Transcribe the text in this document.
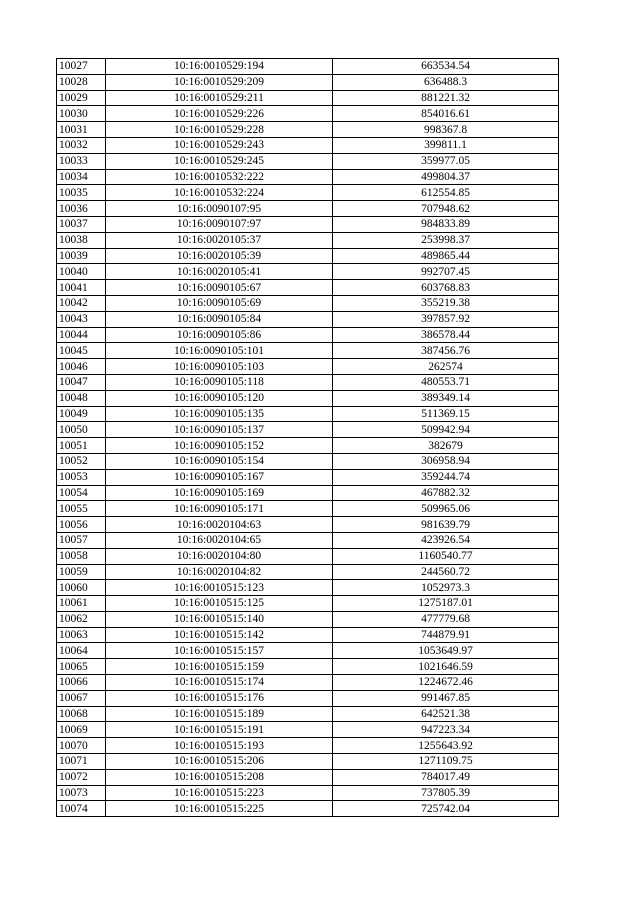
10027	10:16:0010529:194	663534.54
10028	10:16:0010529:209	636488.3
10029	10:16:0010529:211	881221.32
10030	10:16:0010529:226	854016.61
10031	10:16:0010529:228	998367.8
10032	10:16:0010529:243	399811.1
10033	10:16:0010529:245	359977.05
10034	10:16:0010532:222	499804.37
10035	10:16:0010532:224	612554.85
10036	10:16:0090107:95	707948.62
10037	10:16:0090107:97	984833.89
10038	10:16:0020105:37	253998.37
10039	10:16:0020105:39	489865.44
10040	10:16:0020105:41	992707.45
10041	10:16:0090105:67	603768.83
10042	10:16:0090105:69	355219.38
10043	10:16:0090105:84	397857.92
10044	10:16:0090105:86	386578.44
10045	10:16:0090105:101	387456.76
10046	10:16:0090105:103	262574
10047	10:16:0090105:118	480553.71
10048	10:16:0090105:120	389349.14
10049	10:16:0090105:135	511369.15
10050	10:16:0090105:137	509942.94
10051	10:16:0090105:152	382679
10052	10:16:0090105:154	306958.94
10053	10:16:0090105:167	359244.74
10054	10:16:0090105:169	467882.32
10055	10:16:0090105:171	509965.06
10056	10:16:0020104:63	981639.79
10057	10:16:0020104:65	423926.54
10058	10:16:0020104:80	1160540.77
10059	10:16:0020104:82	244560.72
10060	10:16:0010515:123	1052973.3
10061	10:16:0010515:125	1275187.01
10062	10:16:0010515:140	477779.68
10063	10:16:0010515:142	744879.91
10064	10:16:0010515:157	1053649.97
10065	10:16:0010515:159	1021646.59
10066	10:16:0010515:174	1224672.46
10067	10:16:0010515:176	991467.85
10068	10:16:0010515:189	642521.38
10069	10:16:0010515:191	947223.34
10070	10:16:0010515:193	1255643.92
10071	10:16:0010515:206	1271109.75
10072	10:16:0010515:208	784017.49
10073	10:16:0010515:223	737805.39
10074	10:16:0010515:225	725742.04
